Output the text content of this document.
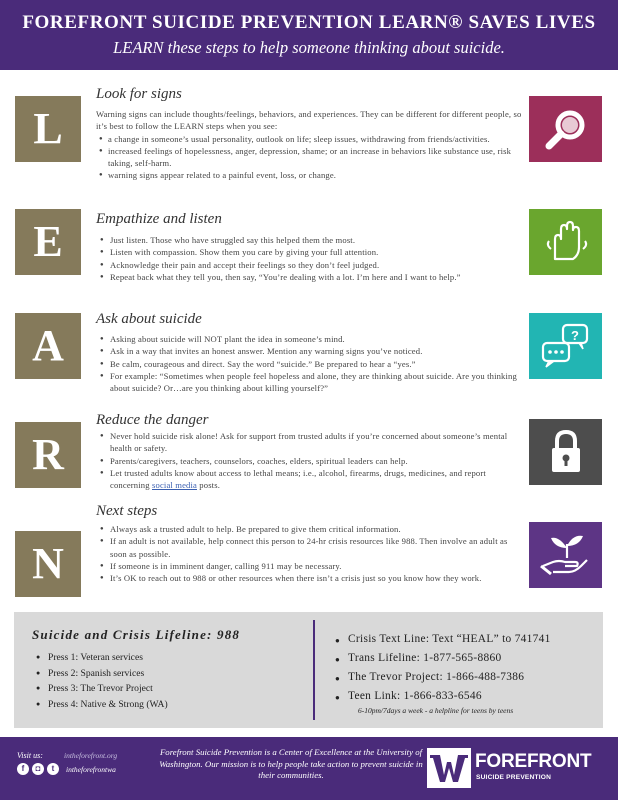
FOREFRONT SUICIDE PREVENTION LEARN® SAVES LIVES
LEARN these steps to help someone thinking about suicide.
L
Look for signs
Warning signs can include thoughts/feelings, behaviors, and experiences. They can be different for different people, so it’s best to follow the LEARN steps when you see:
● a change in someone’s usual personality, outlook on life; sleep issues, withdrawing from friends/activities.
● increased feelings of hopelessness, anger, depression, shame; or an increase in behaviors like substance use, risk taking, self-harm.
● warning signs appear related to a painful event, loss, or change.
E	Empathize and listen
● Just listen. Those who have struggled say this helped them the most.
● Listen with compassion. Show them you care by giving your full attention.
● Acknowledge their pain and accept their feelings so they don’t feel judged.
● Repeat back what they tell you, then say, “You’re dealing with a lot. I’m here and I want to help.”
A
Ask about suicide
● Asking about suicide will NOT plant the idea in someone’s mind.
● Ask in a way that invites an honest answer. Mention any warning signs you’ve noticed.
● Be calm, courageous and direct. Say the word “suicide.” Be prepared to hear a “yes.”
● For example: “Sometimes when people feel hopeless and alone, they are thinking about suicide. Are you thinking about suicide? Or…are you thinking about killing yourself?”
?
R
Reduce the danger
● Never hold suicide risk alone! Ask for support from trusted adults if you’re concerned about someone’s mental health or safety.
● Parents/caregivers, teachers, counselors, coaches, elders, spiritual leaders can help.
● Let trusted adults know about access to lethal means; i.e., alcohol, firearms, drugs, medicines, and report concerning social media posts.
N
Next steps
● Always ask a trusted adult to help. Be prepared to give them critical information.
● If an adult is not available, help connect this person to 24-hr crisis resources like 988. Then involve an adult as soon as possible.
● If someone is in imminent danger, calling 911 may be necessary.
● It’s OK to reach out to 988 or other resources when there isn’t a crisis just so you know how they work.
Suicide and Crisis Lifeline: 988
● Press 1: Veteran services
● Press 2: Spanish services
● Press 3: The Trevor Project
● Press 4: Native & Strong (WA)
● Crisis Text Line: Text “HEAL” to 741741
● Trans Lifeline: 1-877-565-8860
● The Trevor Project: 1-866-488-7386
● Teen Link: 1-866-833-6546
6-10pm/7days a week - a helpline for teens by teens
Visit us:
f	◘	t
intheforefront.org
intheforefrontwa
Forefront Suicide Prevention is a Center of Excellence at the University of Washington. Our mission is to help people take action to prevent suicide in their communities.
FOREFRONT
SUICIDE PREVENTION
